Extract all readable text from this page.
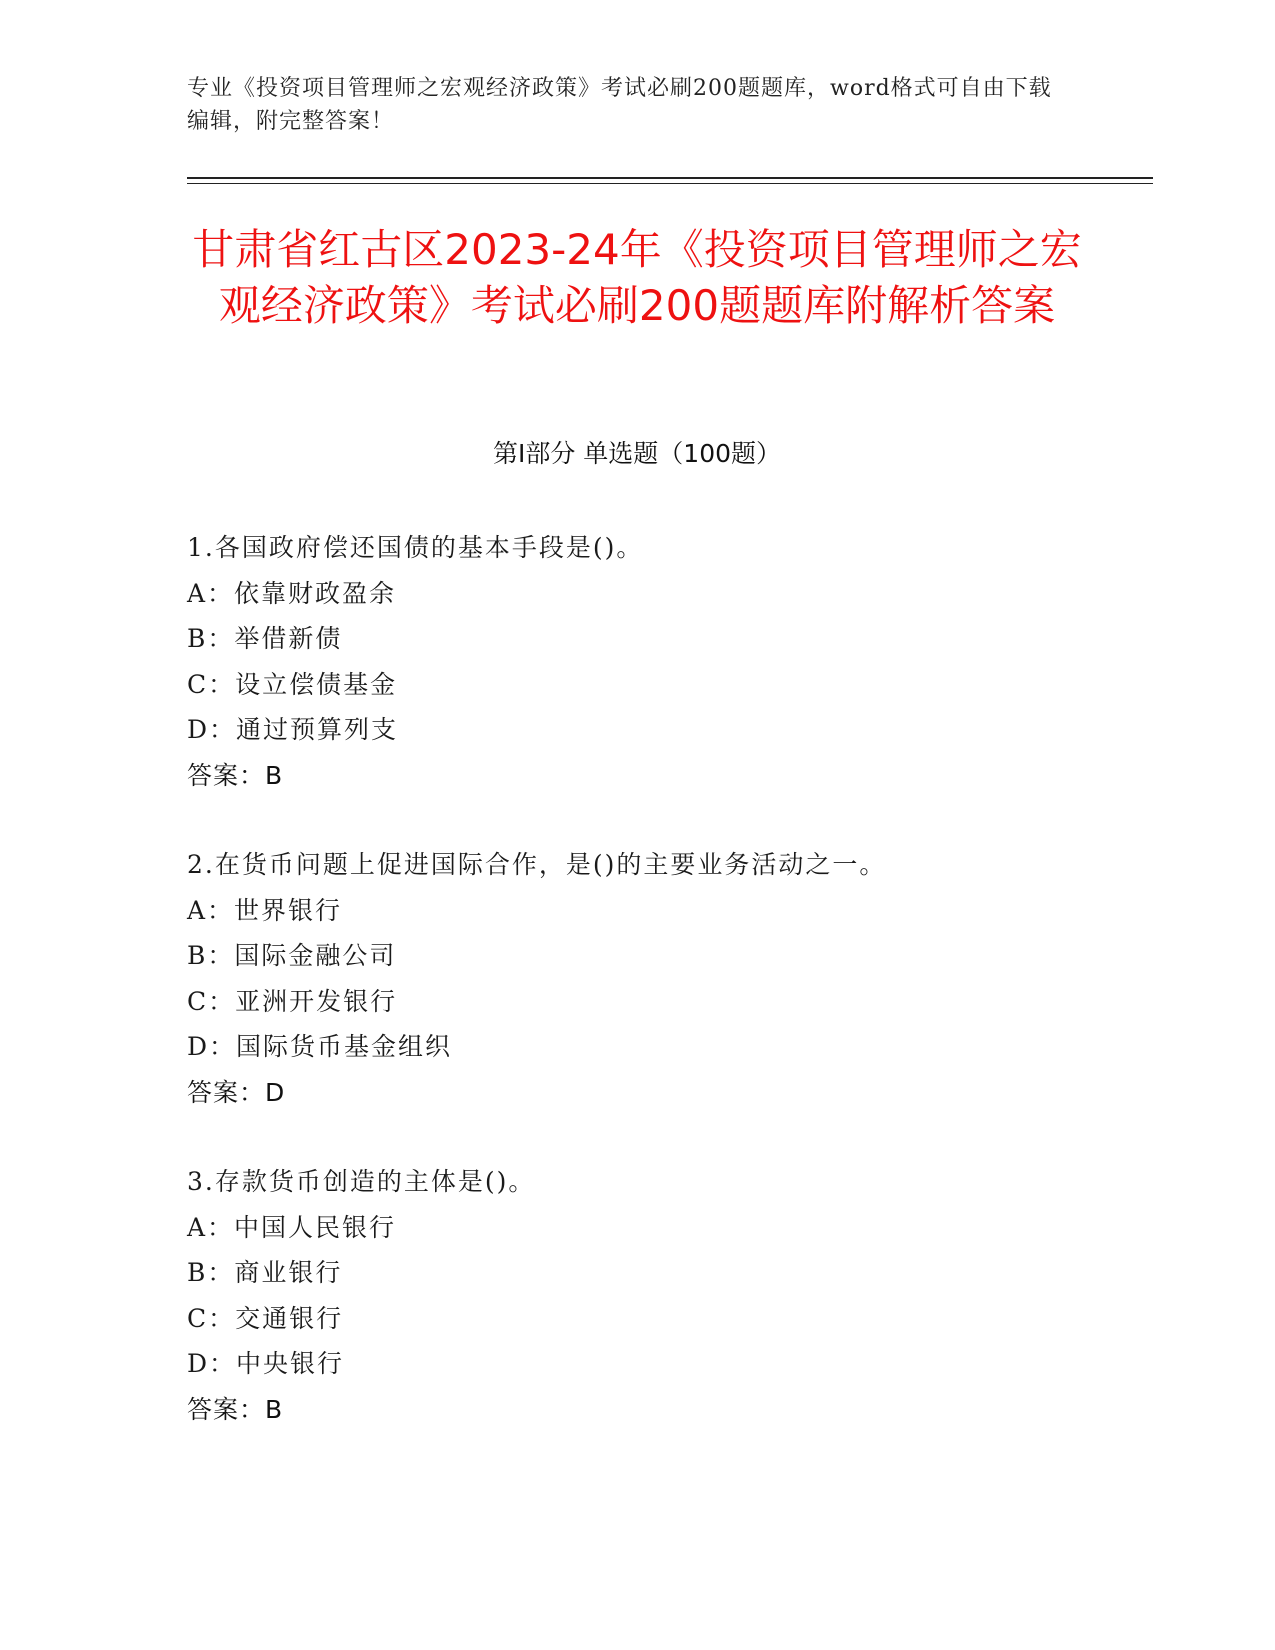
专业《投资项目管理师之宏观经济政策》考试必刷200题题库，word格式可自由下载编辑，附完整答案！
甘肃省红古区2023-24年《投资项目管理师之宏观经济政策》考试必刷200题题库附解析答案
第I部分 单选题（100题）
1.各国政府偿还国债的基本手段是()。
A：依靠财政盈余
B：举借新债
C：设立偿债基金
D：通过预算列支
答案：B
2.在货币问题上促进国际合作，是()的主要业务活动之一。
A：世界银行
B：国际金融公司
C：亚洲开发银行
D：国际货币基金组织
答案：D
3.存款货币创造的主体是()。
A：中国人民银行
B：商业银行
C：交通银行
D：中央银行
答案：B
